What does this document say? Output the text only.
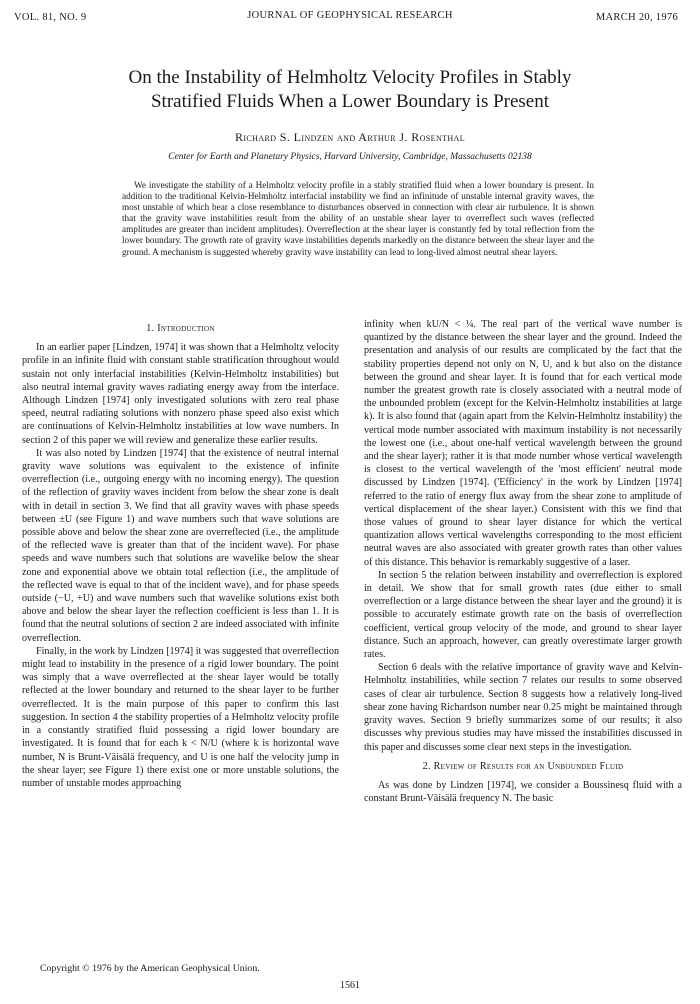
VOL. 81, NO. 9	JOURNAL OF GEOPHYSICAL RESEARCH	MARCH 20, 1976
On the Instability of Helmholtz Velocity Profiles in Stably
Stratified Fluids When a Lower Boundary is Present
Richard S. Lindzen and Arthur J. Rosenthal
Center for Earth and Planetary Physics, Harvard University, Cambridge, Massachusetts 02138

We investigate the stability of a Helmholtz velocity profile in a stably stratified fluid when a lower boundary is present. In addition to the traditional Kelvin-Helmholtz interfacial instability we find an infinitude of unstable internal gravity waves, the most unstable of which bear a close resemblance to disturbances observed in connection with clear air turbulence. It is shown that the gravity wave instabilities result from the ability of an unstable shear layer to overreflect such waves (reflected amplitudes are greater than incident amplitudes). Overreflection at the shear layer is constantly fed by total reflection from the lower boundary. The growth rate of gravity wave instabilities depends markedly on the distance between the shear layer and the ground. A mechanism is suggested whereby gravity wave instability can lead to long-lived almost neutral shear layers.

1. Introduction

In an earlier paper [Lindzen, 1974] it was shown that a Helmholtz velocity profile in an infinite fluid with constant stable stratification throughout would sustain not only interfacial instabilities (Kelvin-Helmholtz instabilities) but also neutral internal gravity waves radiating energy away from the interface. Although Lindzen [1974] only investigated solutions with zero real phase speed, neutral radiating solutions with nonzero phase speed also exist which are continuations of Kelvin-Helmholtz instabilities at low wave numbers. In section 2 of this paper we will review and generalize these earlier results.

It was also noted by Lindzen [1974] that the existence of neutral internal gravity wave solutions was equivalent to the existence of infinite overreflection (i.e., outgoing energy with no incoming energy). The question of the reflection of gravity waves incident from below the shear zone is dealt with in detail in section 3. We find that all gravity waves with phase speeds between ±U (see Figure 1) and wave numbers such that wave solutions are possible above and below the shear zone are overreflected (i.e., the amplitude of the reflected wave is greater than that of the incident wave). For phase speeds and wave numbers such that solutions are wavelike below the shear zone and exponential above we obtain total reflection (i.e., the amplitude of the reflected wave is equal to that of the incident wave), and for phase speeds outside (−U, +U) and wave numbers such that wavelike solutions exist both above and below the shear layer the reflection coefficient is less than 1. It is found that the neutral solutions of section 2 are indeed associated with infinite overreflection.

Finally, in the work by Lindzen [1974] it was suggested that overreflection might lead to instability in the presence of a rigid lower boundary. The point was simply that a wave overreflected at the shear layer would be totally reflected at the lower boundary and returned to the shear layer to be further overreflected. It is the main purpose of this paper to confirm this last suggestion. In section 4 the stability properties of a Helmholtz velocity profile in a constantly stratified fluid possessing a rigid lower boundary are investigated. It is found that for each k < N/U (where k is horizontal wave number, N is Brunt-Väisälä frequency, and U is one half the velocity jump in the shear layer; see Figure 1) there exist one or more unstable solutions, the number of unstable modes approaching

infinity when kU/N < ¼. The real part of the vertical wave number is quantized by the distance between the shear layer and the ground. Indeed the presentation and analysis of our results are complicated by the fact that the stability properties depend not only on N, U, and k but also on the distance between the ground and shear layer. It is found that for each vertical mode number the greatest growth rate is closely associated with a neutral mode of the unbounded problem (except for the Kelvin-Helmholtz instabilities at large k). It is also found that (again apart from the Kelvin-Helmholtz instability) the vertical mode number associated with maximum instability is not necessarily the lowest one (i.e., about one-half vertical wavelength between the ground and the shear layer); rather it is that mode number whose vertical wavelength is closest to the vertical wavelength of the 'most efficient' neutral mode discussed by Lindzen [1974]. ('Efficiency' in the work by Lindzen [1974] referred to the ratio of energy flux away from the shear zone to amplitude of vertical displacement of the shear layer.) Consistent with this we find that those values of ground to shear layer distance for which the vertical quantization allows vertical wavelengths corresponding to the most efficient neutral waves are also associated with greater growth rates than other values of this distance. This behavior is remarkably suggestive of a laser.

In section 5 the relation between instability and overreflection is explored in detail. We show that for small growth rates (due either to small overreflection or a large distance between the shear layer and the ground) it is possible to accurately estimate growth rate on the basis of overreflection coefficient, vertical group velocity of the mode, and ground to shear layer distance. Such an approach, however, can greatly overestimate larger growth rates.

Section 6 deals with the relative importance of gravity wave and Kelvin-Helmholtz instabilities, while section 7 relates our results to some observed cases of clear air turbulence. Section 8 suggests how a relatively long-lived shear zone having Richardson number near 0.25 might be maintained through gravity waves. Section 9 briefly summarizes some of our results; it also discusses why previous studies may have missed the instabilities discussed in this paper and discusses some clear next steps in the investigation.

2. Review of Results for an Unbounded Fluid

As was done by Lindzen [1974], we consider a Boussinesq fluid with a constant Brunt-Väisälä frequency N. The basic

Copyright © 1976 by the American Geophysical Union.
1561
